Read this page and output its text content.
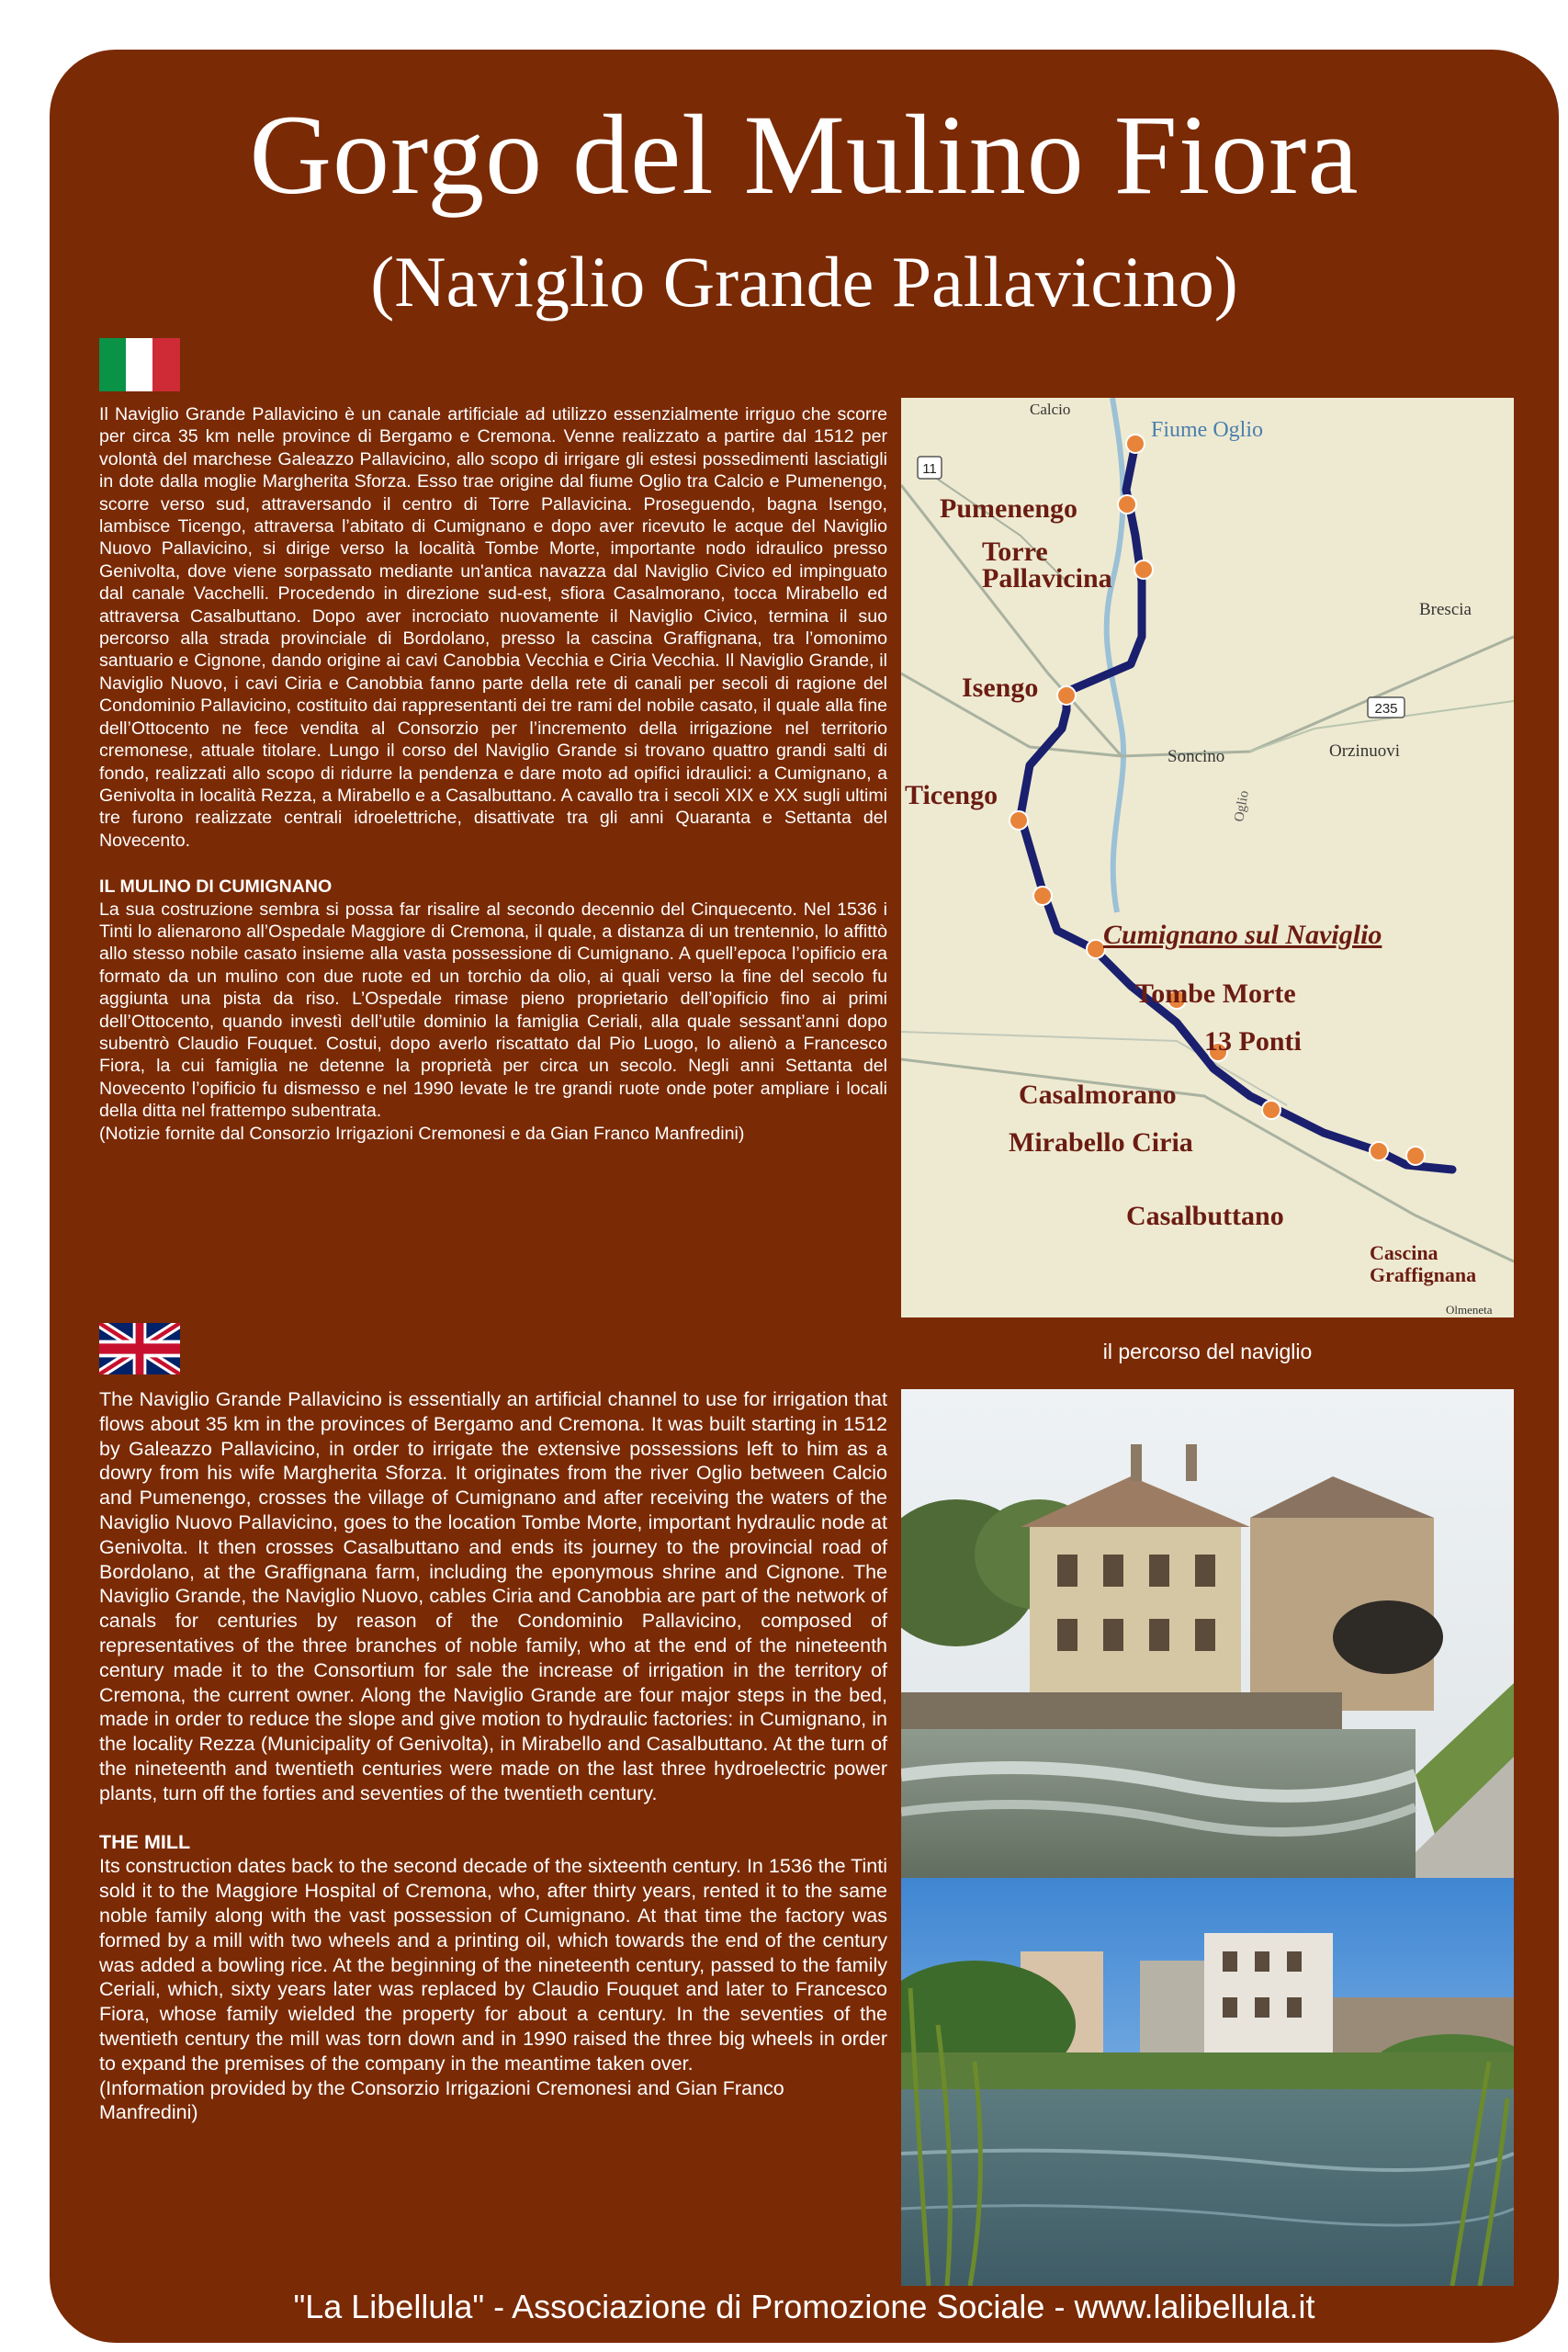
Gorgo del Mulino Fiora
(Naviglio Grande Pallavicino)

Il Naviglio Grande Pallavicino è un canale artificiale ad utilizzo essenzialmente irriguo che scorre per circa 35 km nelle province di Bergamo e Cremona. Venne realizzato a partire dal 1512 per volontà del marchese Galeazzo Pallavicino, allo scopo di irrigare gli estesi possedimenti lasciatigli in dote dalla moglie Margherita Sforza. Esso trae origine dal fiume Oglio tra Calcio e Pumenengo, scorre verso sud, attraversando il centro di Torre Pallavicina. Proseguendo, bagna Isengo, lambisce Ticengo, attraversa l’abitato di Cumignano e dopo aver ricevuto le acque del Naviglio Nuovo Pallavicino, si dirige verso la località Tombe Morte, importante nodo idraulico presso Genivolta, dove viene sorpassato mediante un'antica navazza dal Naviglio Civico ed impinguato dal canale Vacchelli. Procedendo in direzione sud-est, sfiora Casalmorano, tocca Mirabello ed attraversa Casalbuttano. Dopo aver incrociato nuovamente il Naviglio Civico, termina il suo percorso alla strada provinciale di Bordolano, presso la cascina Graffignana, tra l’omonimo santuario e Cignone, dando origine ai cavi Canobbia Vecchia e Ciria Vecchia. Il Naviglio Grande, il Naviglio Nuovo, i cavi Ciria e Canobbia fanno parte della rete di canali per secoli di ragione del Condominio Pallavicino, costituito dai rappresentanti dei tre rami del nobile casato, il quale alla fine dell’Ottocento ne fece vendita al Consorzio per l’incremento della irrigazione nel territorio cremonese, attuale titolare. Lungo il corso del Naviglio Grande si trovano quattro grandi salti di fondo, realizzati allo scopo di ridurre la pendenza e dare moto ad opifici idraulici: a Cumignano, a Genivolta in località Rezza, a Mirabello e a Casalbuttano. A cavallo tra i secoli XIX e XX sugli ultimi tre furono realizzate centrali idroelettriche, disattivate tra gli anni Quaranta e Settanta del Novecento.

IL MULINO DI CUMIGNANO

La sua costruzione sembra si possa far risalire al secondo decennio del Cinquecento. Nel 1536 i Tinti lo alienarono all’Ospedale Maggiore di Cremona, il quale, a distanza di un trentennio, lo affittò allo stesso nobile casato insieme alla vasta possessione di Cumignano. A quell’epoca l’opificio era formato da un mulino con due ruote ed un torchio da olio, ai quali verso la fine del secolo fu aggiunta una pista da riso. L’Ospedale rimase pieno proprietario dell’opificio fino ai primi dell’Ottocento, quando investì dell’utile dominio la famiglia Ceriali, alla quale sessant’anni dopo subentrò Claudio Fouquet. Costui, dopo averlo riscattato dal Pio Luogo, lo alienò a Francesco Fiora, la cui famiglia ne detenne la proprietà per circa un secolo. Negli anni Settanta del Novecento l’opificio fu dismesso e nel 1990 levate le tre grandi ruote onde poter ampliare i locali della ditta nel frattempo subentrata.

(Notizie fornite dal Consorzio Irrigazioni Cremonesi e da Gian Franco Manfredini)

The Naviglio Grande Pallavicino is essentially an artificial channel to use for irrigation that flows about 35 km in the provinces of Bergamo and Cremona. It was built starting in 1512 by Galeazzo Pallavicino, in order to irrigate the extensive possessions left to him as a dowry from his wife Margherita Sforza. It originates from the river Oglio between Calcio and Pumenengo, crosses the village of Cumignano and after receiving the waters of the Naviglio Nuovo Pallavicino, goes to the location Tombe Morte, important hydraulic node at Genivolta. It then crosses Casalbuttano and ends its journey to the provincial road of Bordolano, at the Graffignana farm, including the eponymous shrine and Cignone. The Naviglio Grande, the Naviglio Nuovo, cables Ciria and Canobbia are part of the network of canals for centuries by reason of the Condominio Pallavicino, composed of representatives of the three branches of noble family, who at the end of the nineteenth century made it to the Consortium for sale the increase of irrigation in the territory of Cremona, the current owner. Along the Naviglio Grande are four major steps in the bed, made in order to reduce the slope and give motion to hydraulic factories: in Cumignano, in the locality Rezza (Municipality of Genivolta), in Mirabello and Casalbuttano. At the turn of the nineteenth and twentieth centuries were made on the last three hydroelectric power plants, turn off the forties and seventies of the twentieth century.

THE MILL

Its construction dates back to the second decade of the sixteenth century. In 1536 the Tinti sold it to the Maggiore Hospital of Cremona, who, after thirty years, rented it to the same noble family along with the vast possession of Cumignano. At that time the factory was formed by a mill with two wheels and a printing oil, which towards the end of the century was added a bowling rice. At the beginning of the nineteenth century, passed to the family Ceriali, which, sixty years later was replaced by Claudio Fouquet and later to Francesco Fiora, whose family wielded the property for about a century. In the seventies of the twentieth century the mill was torn down and in 1990 raised the three big wheels in order to expand the premises of the company in the meantime taken over.

(Information provided by the Consorzio Irrigazioni Cremonesi and Gian Franco Manfredini)

11
235
Calcio
Fiume Oglio
Pumenengo
Torre
Pallavicina
Brescia
Isengo
Soncino	Orzinuovi
Oglio
Ticengo
Cumignano sul Naviglio
Tombe Morte
13 Ponti
Casalmorano
Mirabello Ciria
Casalbuttano
Cascina
Graffignana
Olmeneta
il percorso del naviglio
"La Libellula" - Associazione di Promozione Sociale - www.lalibellula.it
